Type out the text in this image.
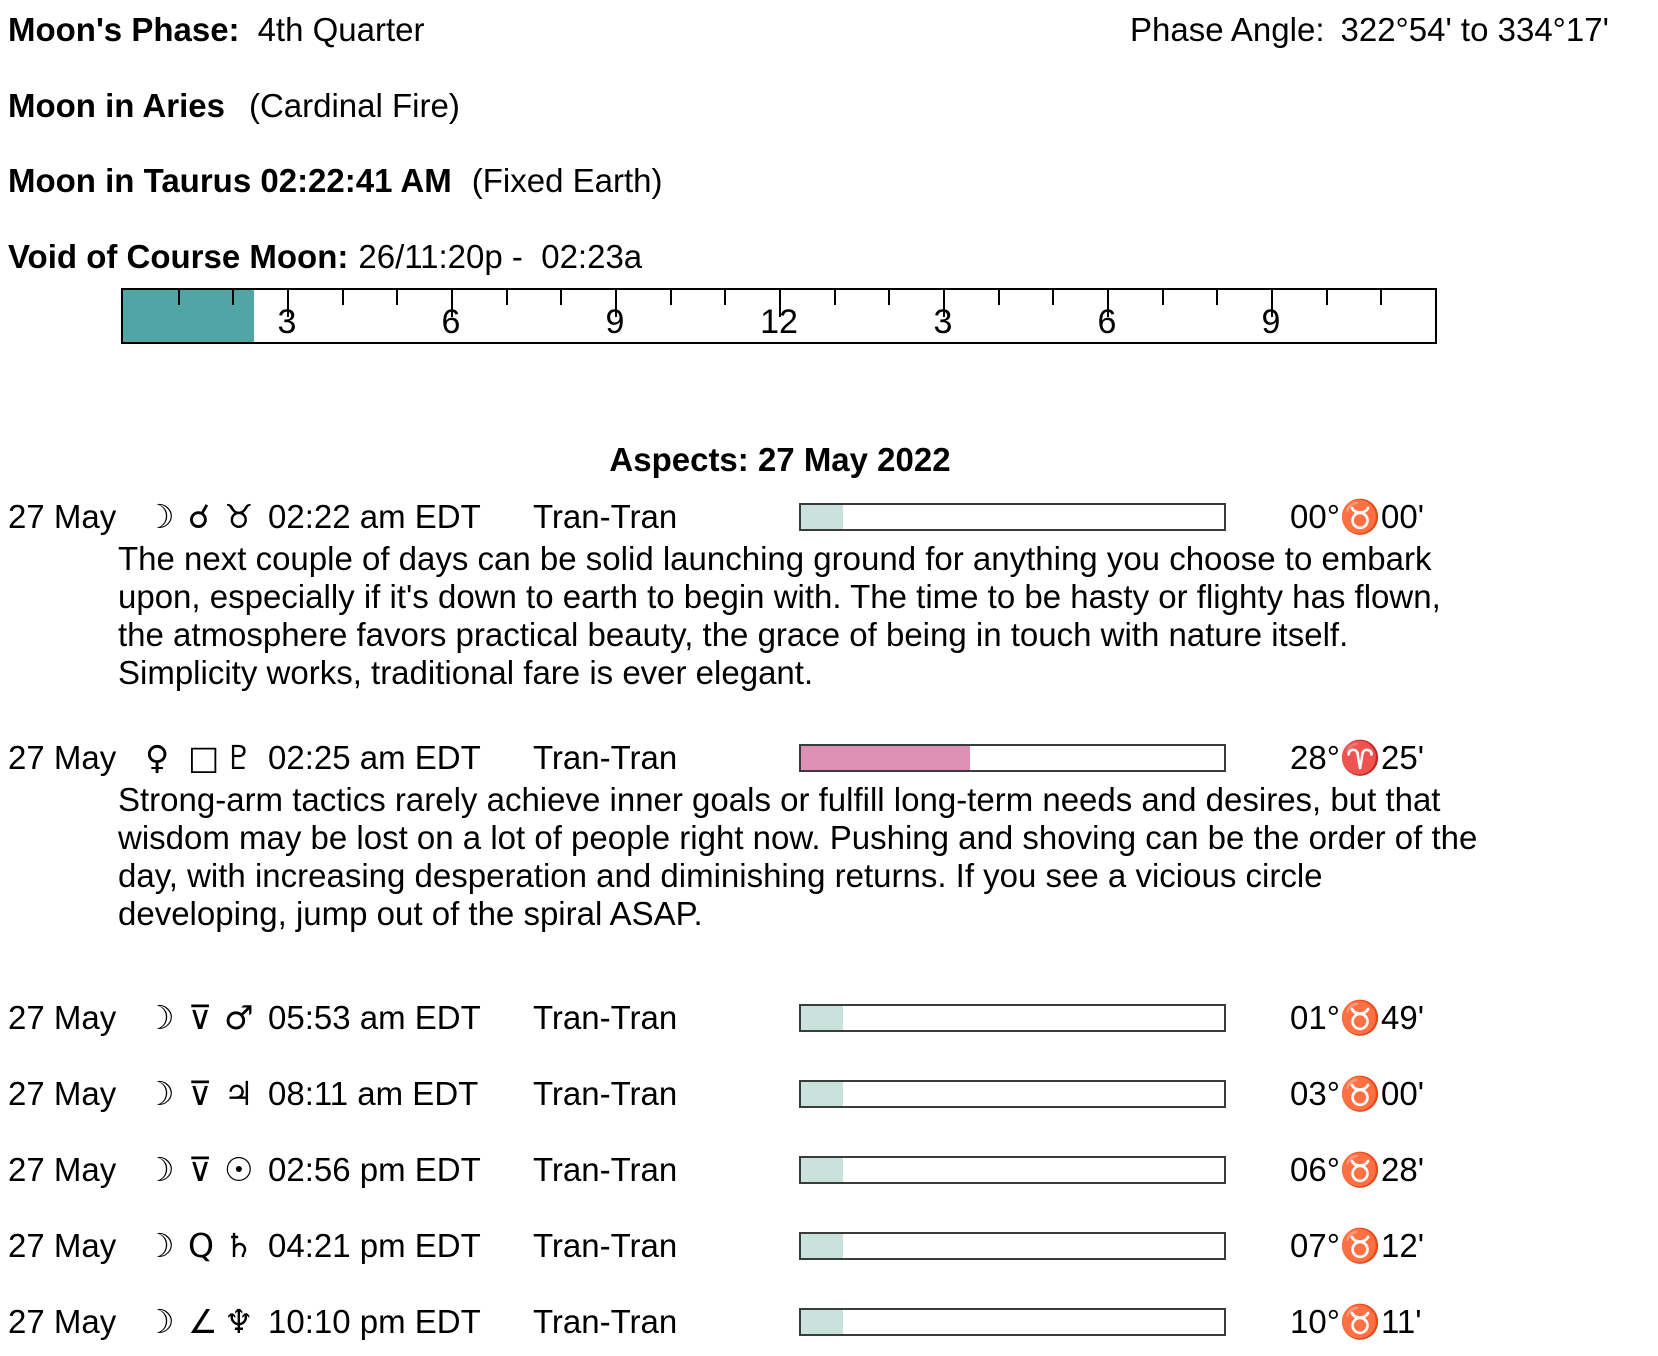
Moon's Phase: 4th Quarter	Phase Angle: 322°54' to 334°17'
Moon in Aries (Cardinal Fire)
Moon in Taurus 02:22:41 AM (Fixed Earth)
Void of Course Moon: 26/11:20p -  02:23a
3	6	9	12	3	6	9
Aspects: 27 May 2022
27 May ☽ ☌ ♉ 02:22 am EDT Tran-Tran	00°♉00'
The next couple of days can be solid launching ground for anything you choose to embark
upon, especially if it's down to earth to begin with. The time to be hasty or flighty has flown,
the atmosphere favors practical beauty, the grace of being in touch with nature itself.
Simplicity works, traditional fare is ever elegant.
27 May ♀ □ ♇ 02:25 am EDT Tran-Tran	28°♈25'
Strong-arm tactics rarely achieve inner goals or fulfill long-term needs and desires, but that
wisdom may be lost on a lot of people right now. Pushing and shoving can be the order of the
day, with increasing desperation and diminishing returns. If you see a vicious circle
developing, jump out of the spiral ASAP.
27 May ☽ ⊽ ♂ 05:53 am EDT Tran-Tran	01°♉49'
27 May ☽ ⊽ ♃ 08:11 am EDT Tran-Tran	03°♉00'
27 May ☽ ⊽ ☉ 02:56 pm EDT Tran-Tran	06°♉28'
27 May ☽ Q ♄ 04:21 pm EDT Tran-Tran	07°♉12'
27 May ☽ ∠ ♆ 10:10 pm EDT Tran-Tran	10°♉11'
